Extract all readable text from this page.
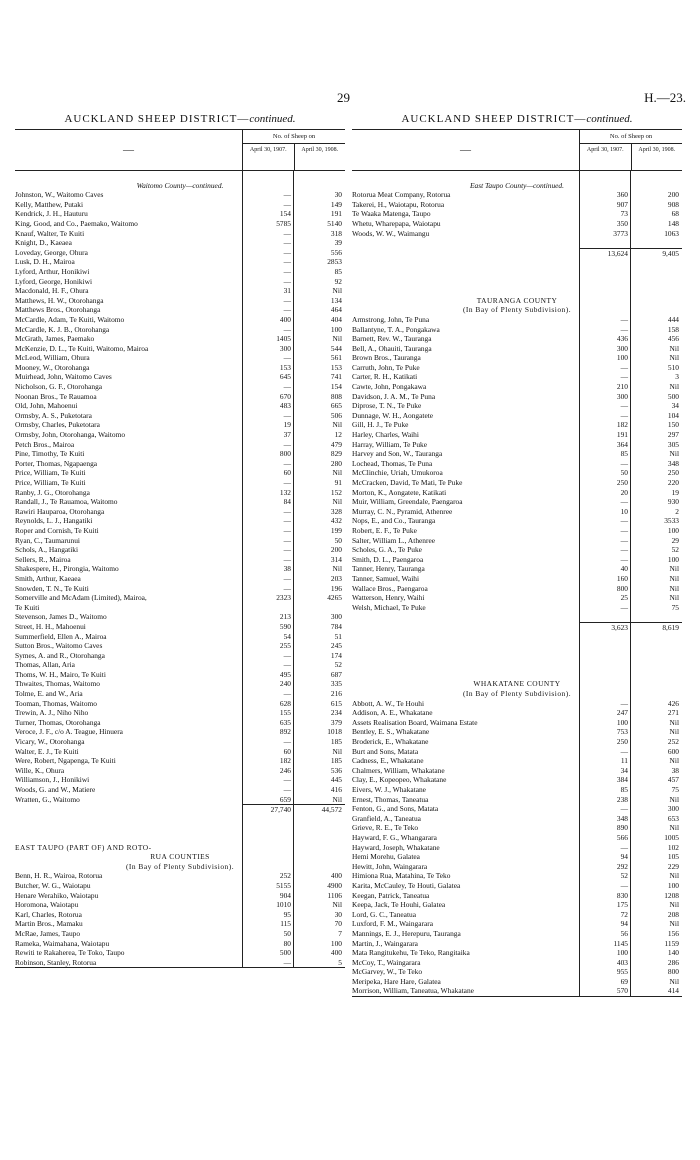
29	H.—23.
AUCKLAND SHEEP DISTRICT—continued.
—
No. of Sheep on
April 30, 1907.	April 30, 1908.
Waitomo County—continued.
Johnston, W., Waitomo Caves	—	30
Kelly, Matthew, Putaki	—	149
Kendrick, J. H., Hauturu	154	191
King, Good, and Co., Paemako, Waitomo	5785	5140
Knauf, Walter, Te Kuiti	—	318
Knight, D., Kaeaea	—	39
Loveday, George, Ohura	—	556
Lusk, D. H., Mairoa	—	2853
Lyford, Arthur, Honikiwi	—	85
Lyford, George, Honikiwi	—	92
Macdonald, H. F., Ohura	31	Nil
Matthews, H. W., Otorohanga	—	134
Matthews Bros., Otorohanga	—	464
McCardle, Adam, Te Kuiti, Waitomo	400	404
McCardle, K. J. B., Otorohanga	—	100
McGrath, James, Paemako	1405	Nil
McKenzie, D. L., Te Kuiti, Waitomo, Mairoa	300	544
McLeod, William, Ohura	—	561
Mooney, W., Otorohanga	153	153
Muirhead, John, Waitomo Caves	645	741
Nicholson, G. F., Otorohanga	—	154
Noonan Bros., Te Rauamoa	670	808
Old, John, Mahoenui	483	665
Ormsby, A. S., Puketotara	—	506
Ormsby, Charles, Puketotara	19	Nil
Ormsby, John, Otorohanga, Waitomo	37	12
Petch Bros., Mairoa	—	479
Pine, Timothy, Te Kuiti	800	829
Porter, Thomas, Ngapaenga	—	280
Price, William, Te Kuiti	60	Nil
Price, William, Te Kuiti	—	91
Ranby, J. G., Otorohanga	132	152
Randall, J., Te Rauamoa, Waitomo	84	Nil
Rawiri Hauparoa, Otorohanga	—	328
Reynolds, L. J., Hangatiki	—	432
Roper and Cornish, Te Kuiti	—	199
Ryan, C., Taumarunui	—	50
Schols, A., Hangatiki	—	200
Sellers, R., Mairoa	—	314
Shakespere, H., Pirongia, Waitomo	38	Nil
Smith, Arthur, Kaeaea	—	203
Snowden, T. N., Te Kuiti	—	196
Somerville and McAdam (Limited), Mairoa,	2323	4265
Te Kuiti
Stevenson, James D., Waitomo	213	300
Street, H. H., Mahoenui	590	784
Summerfield, Ellen A., Mairoa	54	51
Sutton Bros., Waitomo Caves	255	245
Symes, A. and R., Otorohanga	—	174
Thomas, Allan, Aria	—	52
Thoms, W. H., Mairo, Te Kuiti	495	687
Thwaites, Thomas, Waitomo	240	335
Tolme, E. and W., Aria	—	216
Tooman, Thomas, Waitomo	628	615
Trewin, A. J., Niho Niho	155	234
Turner, Thomas, Otorohanga	635	379
Veroce, J. F., c/o A. Teague, Hinuera	892	1018
Vicary, W., Otorohanga	—	185
Walter, E. J., Te Kuiti	60	Nil
Were, Robert, Ngapenga, Te Kuiti	182	185
Wille, K., Ohura	246	536
Williamson, J., Honikiwi	—	445
Woods, G. and W., Matiere	—	416
Wratten, G., Waitomo	659	Nil
27,740	44,572
EAST TAUPO (PART OF) AND ROTO-
RUA COUNTIES
(In Bay of Plenty Subdivision).
Benn, H. R., Wairoa, Rotorua	252	400
Butcher, W. G., Waiotapu	5155	4900
Henare Werahiko, Waiotapu	904	1106
Horomona, Waiotapu	1010	Nil
Karl, Charles, Rotorua	95	30
Martin Bros., Mamaku	115	70
McRae, James, Taupo	50	7
Rameka, Waimahana, Waiotapu	80	100
Rewiti te Rakaherea, Te Toko, Taupo	500	400
Robinson, Stanley, Rotorua	—	5
AUCKLAND SHEEP DISTRICT—continued.
—
No. of Sheep on
April 30, 1907.	April 30, 1908.
East Taupo County—continued.
Rotorua Meat Company, Rotorua	360	200
Takerei, H., Waiotapu, Rotorua	907	908
Te Waaka Matenga, Taupo	73	68
Whetu, Wharepapa, Waiotapu	350	148
Woods, W. W., Waimangu	3773	1063
13,624	9,405
TAURANGA COUNTY
(In Bay of Plenty Subdivision).
Armstrong, John, Te Puna	—	444
Ballantyne, T. A., Pongakawa	—	158
Barnett, Rev. W., Tauranga	436	456
Bell, A., Ohauiti, Tauranga	300	Nil
Brown Bros., Tauranga	100	Nil
Carruth, John, Te Puke	—	510
Carter, R. H., Katikati	—	3
Cawte, John, Pongakawa	210	Nil
Davidson, J. A. M., Te Puna	300	500
Diprose, T. N., Te Puke	—	34
Dunnage, W. H., Aongatete	—	104
Gill, H. J., Te Puke	182	150
Harley, Charles, Waihi	191	297
Harray, William, Te Puke	364	305
Harvey and Son, W., Tauranga	85	Nil
Lochead, Thomas, Te Puna	—	348
McClinchie, Uriah, Umukoroa	50	250
McCracken, David, Te Mati, Te Puke	250	220
Morton, K., Aongatete, Katikati	20	19
Muir, William, Greendale, Paengaroa	—	930
Murray, C. N., Pyramid, Athenree	10	2
Nops, E., and Co., Tauranga	—	3533
Robert, E. F., Te Puke	—	100
Salter, William L., Athenree	—	29
Scholes, G. A., Te Puke	—	52
Smith, D. L., Paengaroa	—	100
Tanner, Henry, Tauranga	40	Nil
Tanner, Samuel, Waihi	160	Nil
Wallace Bros., Paengaroa	800	Nil
Watterson, Henry, Waihi	25	Nil
Welsh, Michael, Te Puke	—	75
3,623	8,619
WHAKATANE COUNTY
(In Bay of Plenty Subdivision).
Abbott, A. W., Te Houhi	—	426
Addison, A. E., Whakatane	247	271
Assets Realisation Board, Waimana Estate	100	Nil
Bentley, E. S., Whakatane	753	Nil
Broderick, E., Whakatane	250	252
Burt and Sons, Matata	—	600
Cadness, E., Whakatane	11	Nil
Chalmers, William, Whakatane	34	38
Clay, E., Kopeopeo, Whakatane	384	457
Eivers, W. J., Whakatane	85	75
Ernest, Thomas, Taneatua	238	Nil
Fenton, G., and Sons, Matata	—	300
Granfield, A., Taneatua	348	653
Grieve, R. E., Te Teko	890	Nil
Hayward, F. G., Whangarara	566	1005
Hayward, Joseph, Whakatane	—	102
Hemi Morehu, Galatea	94	105
Hewitt, John, Waingarara	292	229
Himiona Rua, Matahina, Te Teko	52	Nil
Karita, McCauley, Te Houti, Galatea	—	100
Keegan, Patrick, Taneatua	830	1208
Keepa, Jack, Te Houhi, Galatea	175	Nil
Lord, G. C., Taneatua	72	208
Luxford, F. M., Waingarara	94	Nil
Mannings, E. J., Herepuru, Tauranga	56	156
Martin, J., Waingarara	1145	1159
Mata Rangitukehu, Te Teko, Rangitaika	100	140
McCoy, T., Waingarara	403	286
McGarvey, W., Te Teko	955	800
Meripeka, Hare Hare, Galatea	69	Nil
Morrison, William, Taneatua, Whakatane	570	414
